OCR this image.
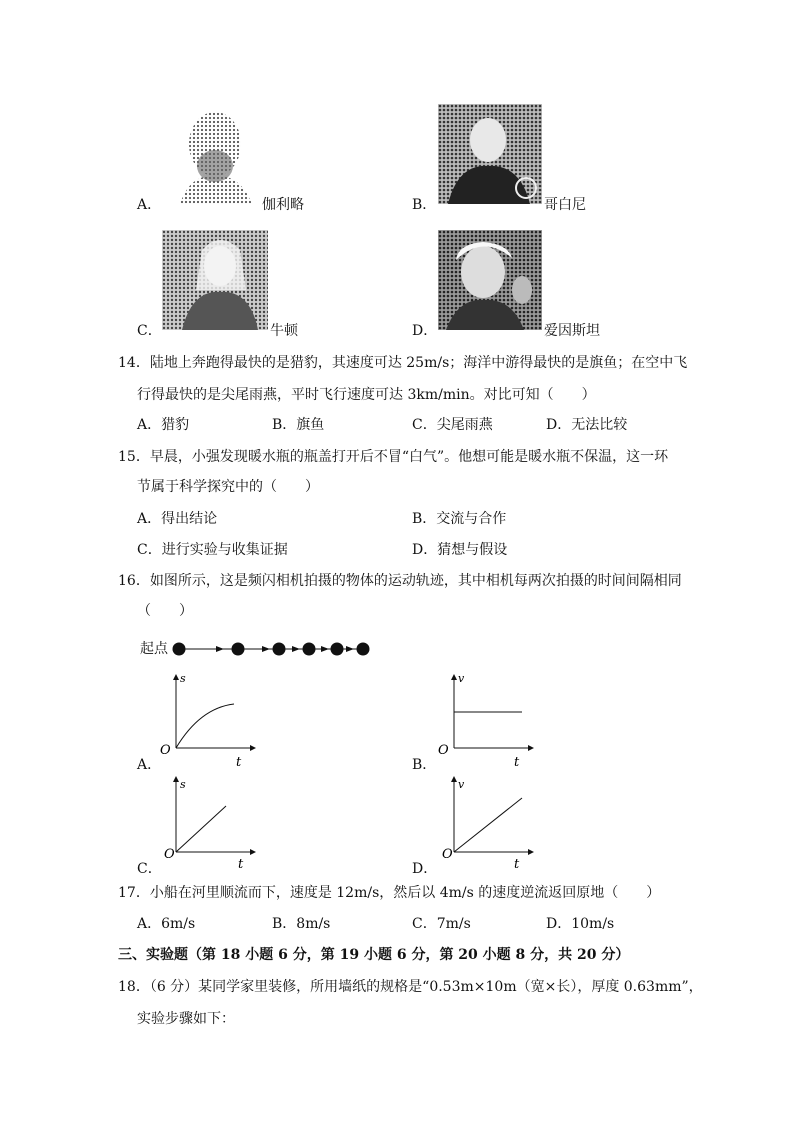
A．	伽利略	B．	哥白尼
C．	牛顿	D．	爱因斯坦
14．陆地上奔跑得最快的是猎豹，其速度可达 25m/s；海洋中游得最快的是旗鱼；在空中飞
行得最快的是尖尾雨燕，平时飞行速度可达 3km/min。对比可知（　　）
A．猎豹	B．旗鱼	C．尖尾雨燕	D．无法比较
15．早晨，小强发现暖水瓶的瓶盖打开后不冒“白气”。他想可能是暖水瓶不保温，这一环
节属于科学探究中的（　　）
A．得出结论	B．交流与合作
C．进行实验与收集证据	D．猜想与假设
16．如图所示，这是频闪相机拍摄的物体的运动轨迹，其中相机每两次拍摄的时间间隔相同
（　　）
起点
A．
s
t
O
B．
v
t
O
C．
s
t
O
D．
v
t
O
17．小船在河里顺流而下，速度是 12m/s，然后以 4m/s 的速度逆流返回原地（　　）
A．6m/s	B．8m/s	C．7m/s	D．10m/s
三、实验题（第 18 小题 6 分，第 19 小题 6 分，第 20 小题 8 分，共 20 分）
18．（6 分）某同学家里装修，所用墙纸的规格是“0.53m×10m（宽×长），厚度 0.63mm”，
实验步骤如下：
